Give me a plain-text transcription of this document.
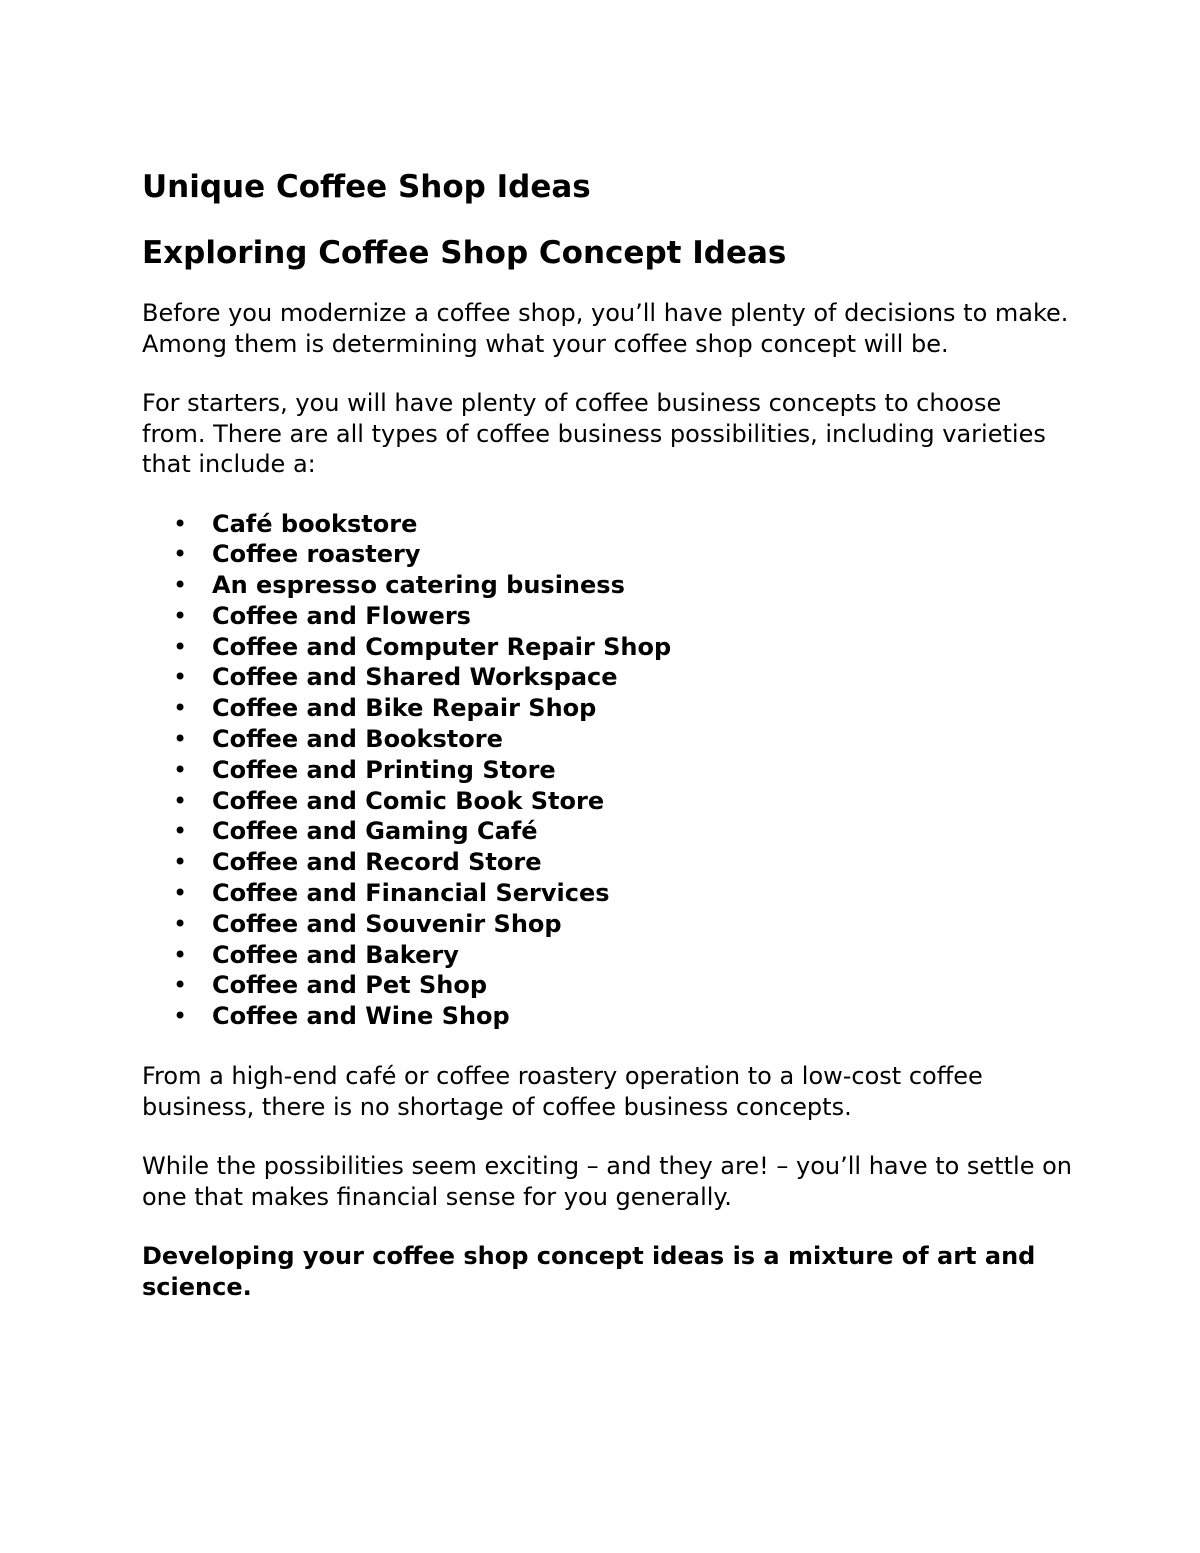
Unique Coffee Shop Ideas
Exploring Coffee Shop Concept Ideas

Before you modernize a coffee shop, you’ll have plenty of decisions to make. Among them is determining what your coffee shop concept will be.

For starters, you will have plenty of coffee business concepts to choose from. There are all types of coffee business possibilities, including varieties that include a:

• Café bookstore
• Coffee roastery
• An espresso catering business
• Coffee and Flowers
• Coffee and Computer Repair Shop
• Coffee and Shared Workspace
• Coffee and Bike Repair Shop
• Coffee and Bookstore
• Coffee and Printing Store
• Coffee and Comic Book Store
• Coffee and Gaming Café
• Coffee and Record Store
• Coffee and Financial Services
• Coffee and Souvenir Shop
• Coffee and Bakery
• Coffee and Pet Shop
• Coffee and Wine Shop

From a high-end café or coffee roastery operation to a low-cost coffee business, there is no shortage of coffee business concepts.

While the possibilities seem exciting – and they are! – you’ll have to settle on one that makes financial sense for you generally.

Developing your coffee shop concept ideas is a mixture of art and science.
